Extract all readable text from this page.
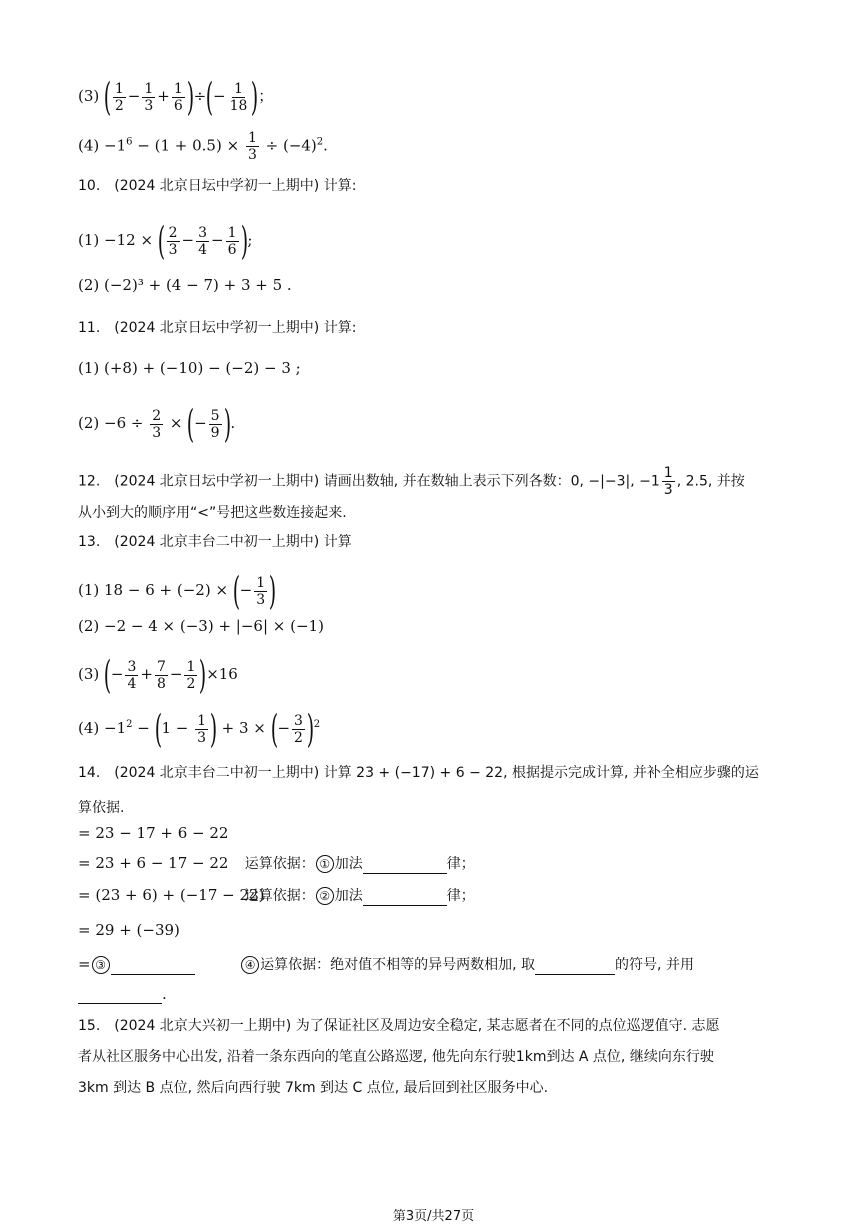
(3) ( $\frac{1}{2} - \frac{1}{3} + \frac{1}{6}$ )÷(− $\frac{1}{18}$ )；
$(4) -1^6 - (1 + 0.5) \times \frac{1}{3} \div (-4)^2$.
10.　(2024 北京日坛中学初一上期中) 计算:
(1) −12 × ( $\frac{2}{3} - \frac{3}{4} - \frac{1}{6}$ );
(2) (−2)³ + (4 − 7) + 3 + 5 .
11.　(2024 北京日坛中学初一上期中) 计算:
(1) (+8) + (−10) − (−2) − 3 ;
$(2) -6 \div \frac{2}{3}$ × (− $\frac{5}{9}$ ).
12.　(2024 北京日坛中学初一上期中) 请画出数轴, 并在数轴上表示下列各数：0, −|−3|, $-1 \frac{1}{3}$ , 2.5, 并按
从小到大的顺序用“<”号把这些数连接起来.
13.　(2024 北京丰台二中初一上期中) 计算
(1) 18 − 6 + (−2) × (− $\frac{1}{3}$ )
(2) −2 − 4 × (−3) + |−6| × (−1)
(3) (− $\frac{3}{4} + \frac{7}{8} - \frac{1}{2} )\times 16$
$(4) -1^2 - (1 - \frac{1}{3}$ ) + 3 × (− $\frac{3}{2} )^2$
14.　(2024 北京丰台二中初一上期中) 计算 23 + (−17) + 6 − 22, 根据提示完成计算, 并补全相应步骤的运
算依据.
= 23 − 17 + 6 − 22
= 23 + 6 − 17 − 22 运算依据： ① 加法	律；
= (23 + 6) + (−17 − 22) 运算依据： ② 加法	律；
= 29 + (−39)
= ③	④ 运算依据：绝对值不相等的异号两数相加, 取	的符号, 并用
.
15.　(2024 北京大兴初一上期中) 为了保证社区及周边安全稳定, 某志愿者在不同的点位巡逻值守. 志愿
者从社区服务中心出发, 沿着一条东西向的笔直公路巡逻, 他先向东行驶1km到达 A 点位, 继续向东行驶
3km 到达 B 点位, 然后向西行驶 7km 到达 C 点位, 最后回到社区服务中心.
第3页/共27页
